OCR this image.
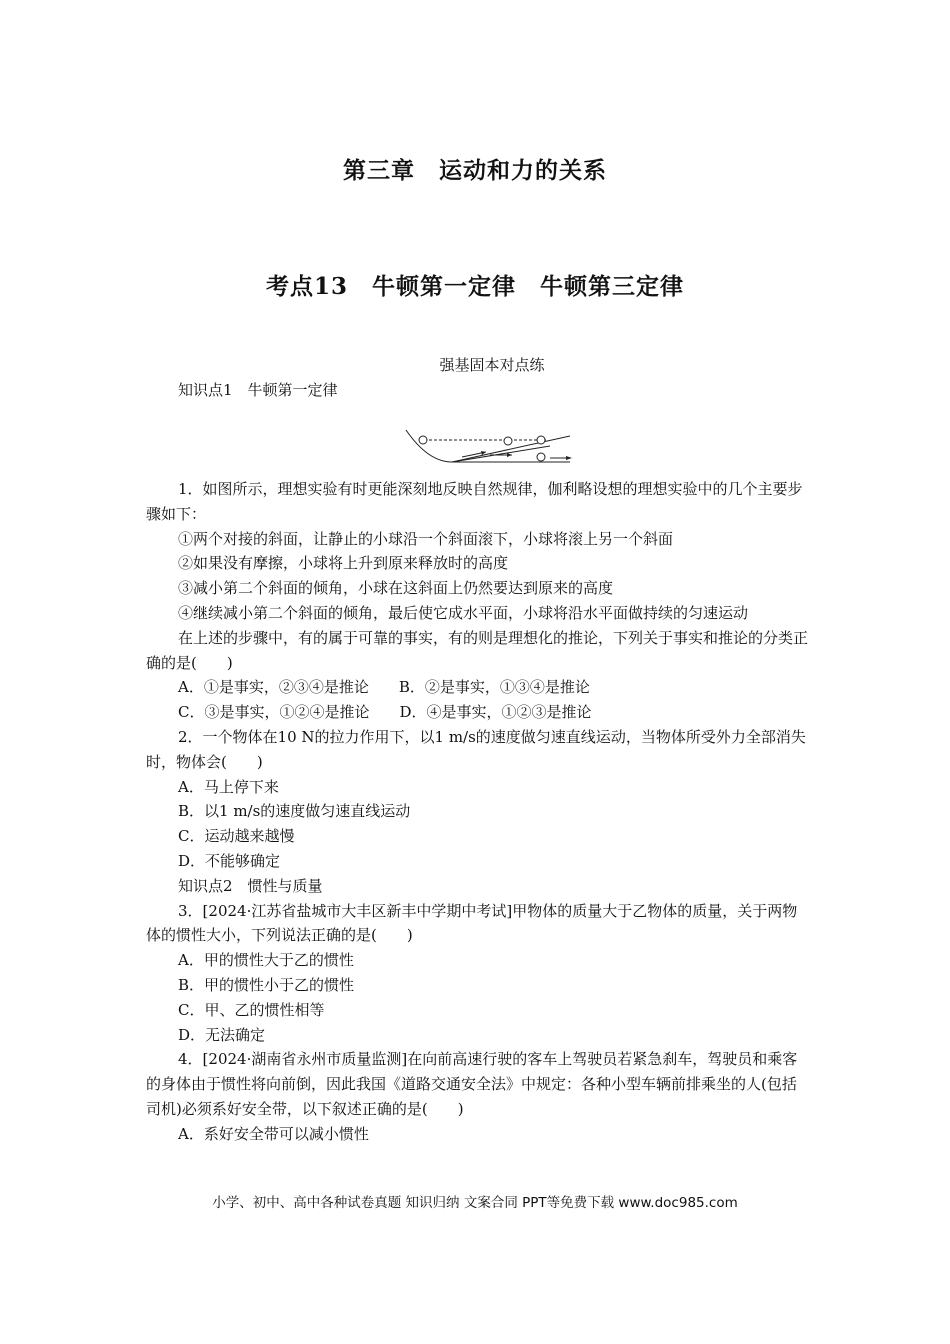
第三章　运动和力的关系
考点13　牛顿第一定律　牛顿第三定律
强基固本对点练
知识点1　牛顿第一定律

1．如图所示，理想实验有时更能深刻地反映自然规律，伽利略设想的理想实验中的几个主要步骤如下：

①两个对接的斜面，让静止的小球沿一个斜面滚下，小球将滚上另一个斜面

②如果没有摩擦，小球将上升到原来释放时的高度

③减小第二个斜面的倾角，小球在这斜面上仍然要达到原来的高度

④继续减小第二个斜面的倾角，最后使它成水平面，小球将沿水平面做持续的匀速运动

在上述的步骤中，有的属于可靠的事实，有的则是理想化的推论，下列关于事实和推论的分类正确的是(　　)

A．①是事实，②③④是推论　　B．②是事实，①③④是推论

C．③是事实，①②④是推论　　D．④是事实，①②③是推论

2．一个物体在10 N的拉力作用下，以1 m/s的速度做匀速直线运动，当物体所受外力全部消失时，物体会(　　)

A．马上停下来

B．以1 m/s的速度做匀速直线运动

C．运动越来越慢

D．不能够确定

知识点2　惯性与质量

3．[2024·江苏省盐城市大丰区新丰中学期中考试]甲物体的质量大于乙物体的质量，关于两物体的惯性大小，下列说法正确的是(　　)

A．甲的惯性大于乙的惯性

B．甲的惯性小于乙的惯性

C．甲、乙的惯性相等

D．无法确定

4．[2024·湖南省永州市质量监测]在向前高速行驶的客车上驾驶员若紧急刹车，驾驶员和乘客的身体由于惯性将向前倒，因此我国《道路交通安全法》中规定：各种小型车辆前排乘坐的人(包括司机)必须系好安全带，以下叙述正确的是(　　)

A．系好安全带可以减小惯性

小学、初中、高中各种试卷真题 知识归纳 文案合同 PPT等免费下载 www.doc985.com
